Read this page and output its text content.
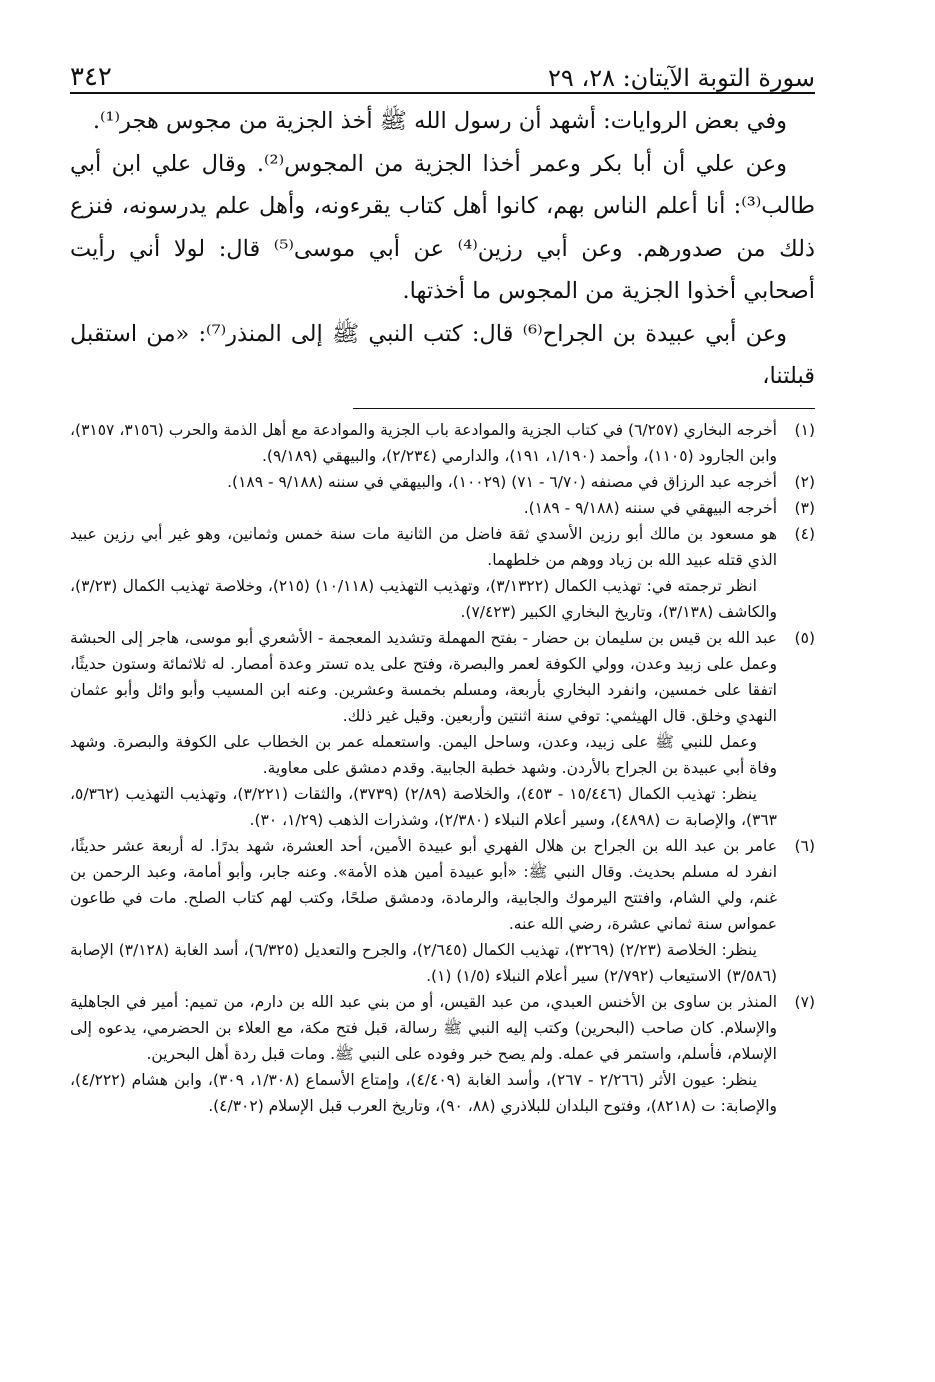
سورة التوبة الآيتان: ٢٨، ٢٩
٣٤٢

وفي بعض الروايات: أشهد أن رسول الله ﷺ أخذ الجزية من مجوس هجر⁽¹⁾.

وعن علي أن أبا بكر وعمر أخذا الجزية من المجوس⁽²⁾. وقال علي ابن أبي طالب⁽³⁾: أنا أعلم الناس بهم، كانوا أهل كتاب يقرءونه، وأهل علم يدرسونه، فنزع ذلك من صدورهم. وعن أبي رزين⁽⁴⁾ عن أبي موسى⁽⁵⁾ قال: لولا أني رأيت أصحابي أخذوا الجزية من المجوس ما أخذتها.

وعن أبي عبيدة بن الجراح⁽⁶⁾ قال: كتب النبي ﷺ إلى المنذر⁽⁷⁾: «من استقبل قبلتنا،

(١)

أخرجه البخاري (٦/٢٥٧) في كتاب الجزية والموادعة باب الجزية والموادعة مع أهل الذمة والحرب (٣١٥٦، ٣١٥٧)، وابن الجارود (١١٠٥)، وأحمد (١/١٩٠، ١٩١)، والدارمي (٢/٢٣٤)، والبيهقي (٩/١٨٩).

(٢)

أخرجه عبد الرزاق في مصنفه (٦/٧٠ - ٧١) (١٠٠٢٩)، والبيهقي في سننه (٩/١٨٨ - ١٨٩).

(٣)

أخرجه البيهقي في سننه (٩/١٨٨ - ١٨٩).

(٤)

هو مسعود بن مالك أبو رزين الأسدي ثقة فاضل من الثانية مات سنة خمس وثمانين، وهو غير أبي رزين عبيد الذي قتله عبيد الله بن زياد ووهم من خلطهما.

انظر ترجمته في: تهذيب الكمال (٣/١٣٢٢)، وتهذيب التهذيب (١٠/١١٨) (٢١٥)، وخلاصة تهذيب الكمال (٣/٢٣)، والكاشف (٣/١٣٨)، وتاريخ البخاري الكبير (٧/٤٢٣).

(٥)

عبد الله بن قيس بن سليمان بن حضار - بفتح المهملة وتشديد المعجمة - الأشعري أبو موسى، هاجر إلى الحبشة وعمل على زبيد وعدن، وولي الكوفة لعمر والبصرة، وفتح على يده تستر وعدة أمصار. له ثلاثمائة وستون حديثًا، اتفقا على خمسين، وانفرد البخاري بأربعة، ومسلم بخمسة وعشرين. وعنه ابن المسيب وأبو وائل وأبو عثمان النهدي وخلق. قال الهيثمي: توفي سنة اثنتين وأربعين. وقيل غير ذلك.

وعمل للنبي ﷺ على زبيد، وعدن، وساحل اليمن. واستعمله عمر بن الخطاب على الكوفة والبصرة. وشهد وفاة أبي عبيدة بن الجراح بالأردن. وشهد خطبة الجابية. وقدم دمشق على معاوية.

ينظر: تهذيب الكمال (١٥/٤٤٦ - ٤٥٣)، والخلاصة (٢/٨٩) (٣٧٣٩)، والثقات (٣/٢٢١)، وتهذيب التهذيب (٥/٣٦٢، ٣٦٣)، والإصابة ت (٤٨٩٨)، وسير أعلام النبلاء (٢/٣٨٠)، وشذرات الذهب (١/٢٩، ٣٠).

(٦)

عامر بن عبد الله بن الجراح بن هلال الفهري أبو عبيدة الأمين، أحد العشرة، شهد بدرًا. له أربعة عشر حديثًا، انفرد له مسلم بحديث. وقال النبي ﷺ: «أبو عبيدة أمين هذه الأمة». وعنه جابر، وأبو أمامة، وعبد الرحمن بن غنم، ولي الشام، وافتتح اليرموك والجابية، والرمادة، ودمشق صلحًا، وكتب لهم كتاب الصلح. مات في طاعون عمواس سنة ثماني عشرة، رضي الله عنه.

ينظر: الخلاصة (٢/٢٣) (٣٢٦٩)، تهذيب الكمال (٢/٦٤٥)، والجرح والتعديل (٦/٣٢٥)، أسد الغابة (٣/١٢٨) الإصابة (٣/٥٨٦) الاستيعاب (٢/٧٩٢) سير أعلام النبلاء (١/٥) (١).

(٧)

المنذر بن ساوى بن الأخنس العبدي، من عبد القيس، أو من بني عبد الله بن دارم، من تميم: أمير في الجاهلية والإسلام. كان صاحب (البحرين) وكتب إليه النبي ﷺ رسالة، قبل فتح مكة، مع العلاء بن الحضرمي، يدعوه إلى الإسلام، فأسلم، واستمر في عمله. ولم يصح خبر وفوده على النبي ﷺ. ومات قبل ردة أهل البحرين.

ينظر: عيون الأثر (٢/٢٦٦ - ٢٦٧)، وأسد الغابة (٤/٤٠٩)، وإمتاع الأسماع (١/٣٠٨، ٣٠٩)، وابن هشام (٤/٢٢٢)، والإصابة: ت (٨٢١٨)، وفتوح البلدان للبلاذري (٨٨، ٩٠)، وتاريخ العرب قبل الإسلام (٤/٣٠٢).
